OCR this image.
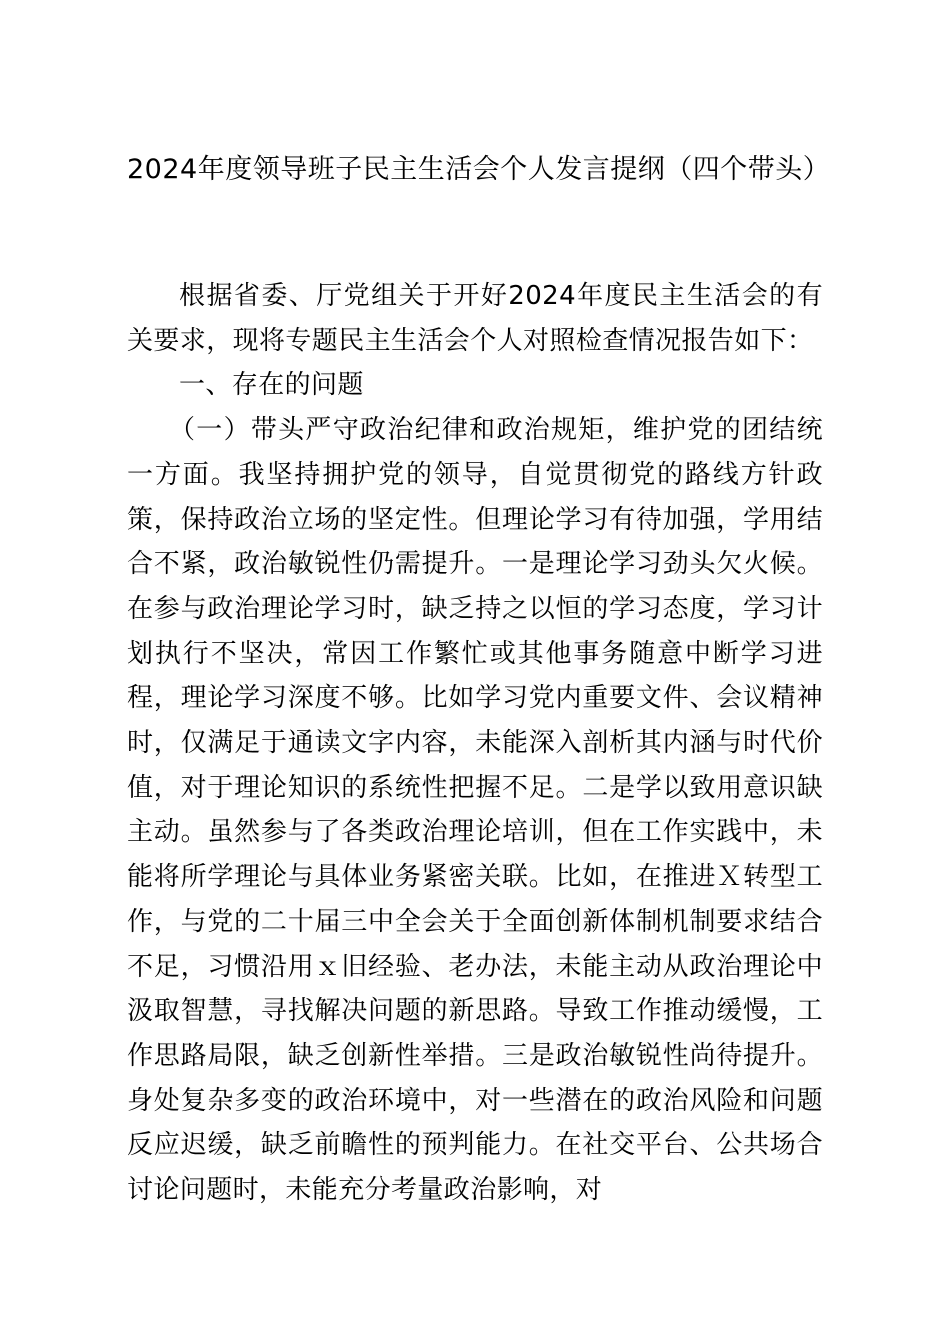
2024年度领导班子民主生活会个人发言提纲（四个带头）

根据省委、厅党组关于开好2024年度民主生活会的有关要求，现将专题民主生活会个人对照检查情况报告如下：

一、存在的问题

（一）带头严守政治纪律和政治规矩，维护党的团结统一方面。我坚持拥护党的领导，自觉贯彻党的路线方针政策，保持政治立场的坚定性。但理论学习有待加强，学用结合不紧，政治敏锐性仍需提升。一是理论学习劲头欠火候。在参与政治理论学习时，缺乏持之以恒的学习态度，学习计划执行不坚决，常因工作繁忙或其他事务随意中断学习进程，理论学习深度不够。比如学习党内重要文件、会议精神时，仅满足于通读文字内容，未能深入剖析其内涵与时代价值，对于理论知识的系统性把握不足。二是学以致用意识缺主动。虽然参与了各类政治理论培训，但在工作实践中，未能将所学理论与具体业务紧密关联。比如，在推进Ｘ转型工作，与党的二十届三中全会关于全面创新体制机制要求结合不足，习惯沿用ｘ旧经验、老办法，未能主动从政治理论中汲取智慧，寻找解决问题的新思路。导致工作推动缓慢，工作思路局限，缺乏创新性举措。三是政治敏锐性尚待提升。身处复杂多变的政治环境中，对一些潜在的政治风险和问题反应迟缓，缺乏前瞻性的预判能力。在社交平台、公共场合讨论问题时，未能充分考量政治影响，对
